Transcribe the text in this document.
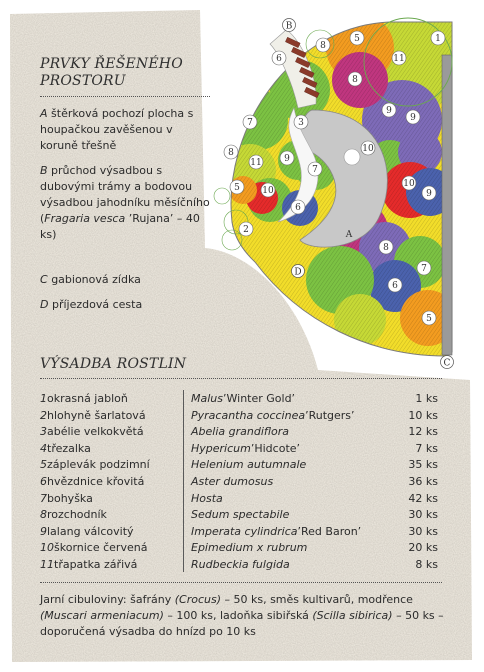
B
A
D
C
1
11
5
8
6
8
9
9
3
7
10
8
11 9
7
5 10
6
10
9
2
8
7
6
5
PRVKY ŘEŠENÉHO PROSTORU
A štěrková pochozí plocha s houpačkou zavěšenou v koruně třešně
B průchod výsadbou s dubovými trámy a bodovou výsadbou jahodníku měsíčního (Fragaria vesca ’Rujana’ – 40 ks)
C gabionová zídka
D příjezdová cesta
VÝSADBA ROSTLIN
1 okrasná jabloň	Malus ’Winter Gold’	1 ks
2 hlohyně šarlatová	Pyracantha coccinea ’Rutgers’	10 ks
3 abélie velkokvětá	Abelia grandiflora	12 ks
4 třezalka	Hypericum ’Hidcote’	7 ks
5 záplevák podzimní	Helenium autumnale	35 ks
6 hvězdnice křovitá	Aster dumosus	36 ks
7 bohyška	Hosta	42 ks
8 rozchodník	Sedum spectabile	30 ks
9 lalang válcovitý	Imperata cylindrica ’Red Baron’	30 ks
10 škornice červená	Epimedium x rubrum	20 ks
11 třapatka zářivá	Rudbeckia fulgida	8 ks
Jarní cibuloviny: šafrány (Crocus) – 50 ks, směs kultivarů, modřence (Muscari armeniacum) – 100 ks, ladoňka sibiřská (Scilla sibirica) – 50 ks – doporučená výsadba do hnízd po 10 ks
